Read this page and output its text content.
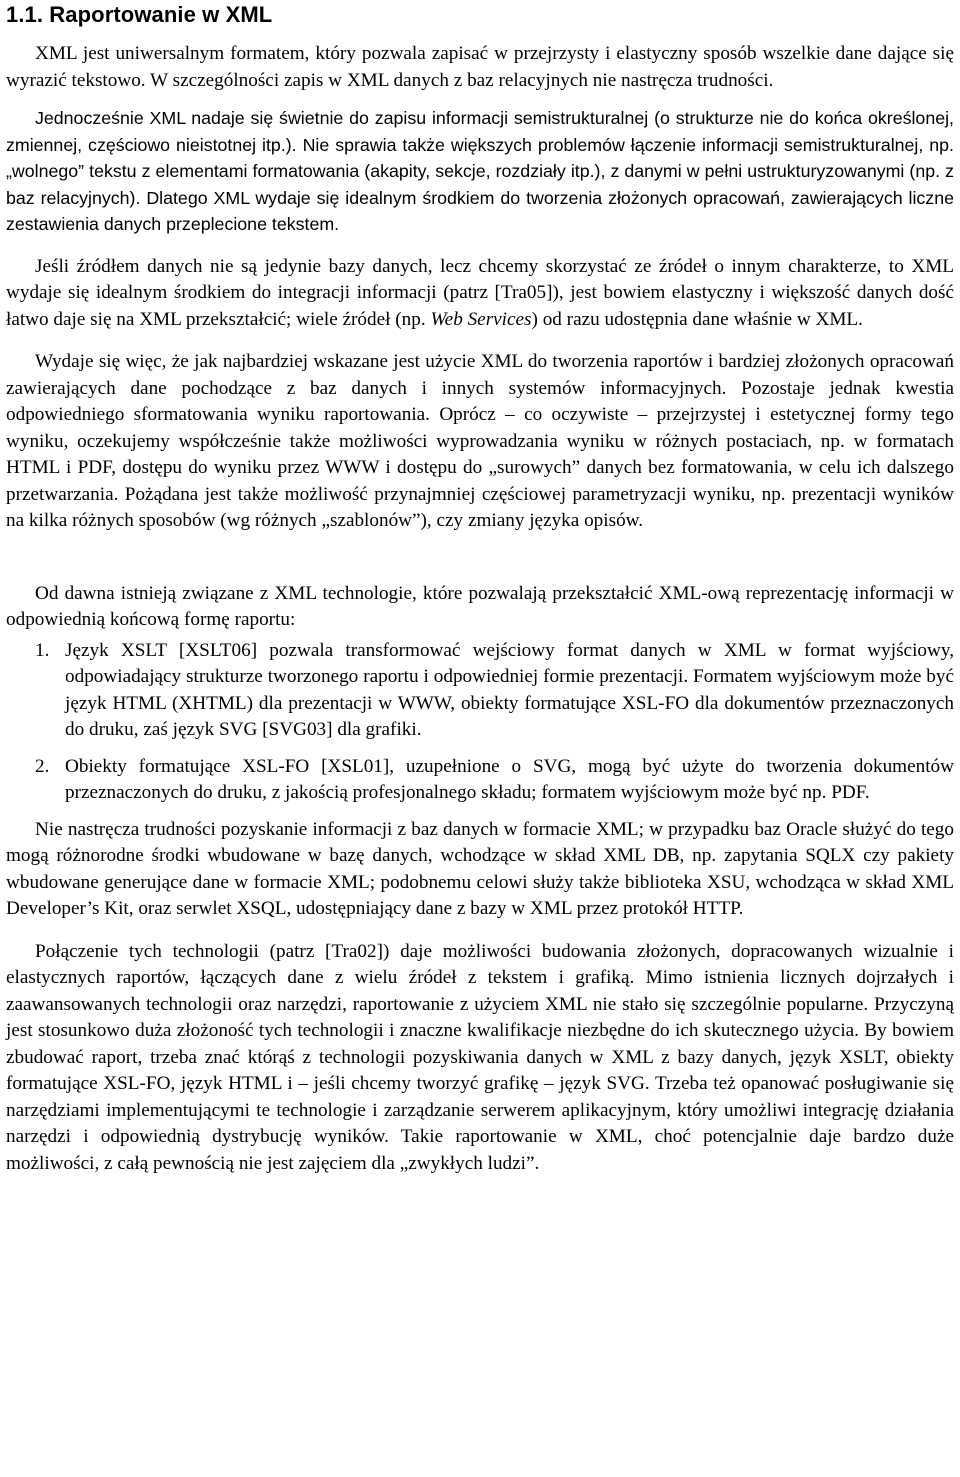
1.1. Raportowanie w XML

XML jest uniwersalnym formatem, który pozwala zapisać w przejrzysty i elastyczny sposób wszelkie dane dające się wyrazić tekstowo. W szczególności zapis w XML danych z baz relacyjnych nie nastręcza trudności.

Jednocześnie XML nadaje się świetnie do zapisu informacji semistrukturalnej (o strukturze nie do końca określonej, zmiennej, częściowo nieistotnej itp.). Nie sprawia także większych problemów łączenie informacji semistrukturalnej, np. „wolnego” tekstu z elementami formatowania (akapity, sekcje, rozdziały itp.), z danymi w pełni ustrukturyzowanymi (np. z baz relacyjnych). Dlatego XML wydaje się idealnym środkiem do tworzenia złożonych opracowań, zawierających liczne zestawienia danych przeplecione tekstem.

Jeśli źródłem danych nie są jedynie bazy danych, lecz chcemy skorzystać ze źródeł o innym charakterze, to XML wydaje się idealnym środkiem do integracji informacji (patrz [Tra05]), jest bowiem elastyczny i większość danych dość łatwo daje się na XML przekształcić; wiele źródeł (np. Web Services) od razu udostępnia dane właśnie w XML.

Wydaje się więc, że jak najbardziej wskazane jest użycie XML do tworzenia raportów i bardziej złożonych opracowań zawierających dane pochodzące z baz danych i innych systemów informacyjnych. Pozostaje jednak kwestia odpowiedniego sformatowania wyniku raportowania. Oprócz – co oczywiste – przejrzystej i estetycznej formy tego wyniku, oczekujemy współcześnie także możliwości wyprowadzania wyniku w różnych postaciach, np. w formatach HTML i PDF, dostępu do wyniku przez WWW i dostępu do „surowych” danych bez formatowania, w celu ich dalszego przetwarzania. Pożądana jest także możliwość przynajmniej częściowej parametryzacji wyniku, np. prezentacji wyników na kilka różnych sposobów (wg różnych „szablonów”), czy zmiany języka opisów.

Od dawna istnieją związane z XML technologie, które pozwalają przekształcić XML-ową reprezentację informacji w odpowiednią końcową formę raportu:

1. Język XSLT [XSLT06] pozwala transformować wejściowy format danych w XML w format wyjściowy, odpowiadający strukturze tworzonego raportu i odpowiedniej formie prezentacji. Formatem wyjściowym może być język HTML (XHTML) dla prezentacji w WWW, obiekty formatujące XSL-FO dla dokumentów przeznaczonych do druku, zaś język SVG [SVG03] dla grafiki.
2. Obiekty formatujące XSL-FO [XSL01], uzupełnione o SVG, mogą być użyte do tworzenia dokumentów przeznaczonych do druku, z jakością profesjonalnego składu; formatem wyjściowym może być np. PDF.

Nie nastręcza trudności pozyskanie informacji z baz danych w formacie XML; w przypadku baz Oracle służyć do tego mogą różnorodne środki wbudowane w bazę danych, wchodzące w skład XML DB, np. zapytania SQLX czy pakiety wbudowane generujące dane w formacie XML; podobnemu celowi służy także biblioteka XSU, wchodząca w skład XML Developer’s Kit, oraz serwlet XSQL, udostępniający dane z bazy w XML przez protokół HTTP.

Połączenie tych technologii (patrz [Tra02]) daje możliwości budowania złożonych, dopracowanych wizualnie i elastycznych raportów, łączących dane z wielu źródeł z tekstem i grafiką. Mimo istnienia licznych dojrzałych i zaawansowanych technologii oraz narzędzi, raportowanie z użyciem XML nie stało się szczególnie popularne. Przyczyną jest stosunkowo duża złożoność tych technologii i znaczne kwalifikacje niezbędne do ich skutecznego użycia. By bowiem zbudować raport, trzeba znać którąś z technologii pozyskiwania danych w XML z bazy danych, język XSLT, obiekty formatujące XSL-FO, język HTML i – jeśli chcemy tworzyć grafikę – język SVG. Trzeba też opanować posługiwanie się narzędziami implementującymi te technologie i zarządzanie serwerem aplikacyjnym, który umożliwi integrację działania narzędzi i odpowiednią dystrybucję wyników. Takie raportowanie w XML, choć potencjalnie daje bardzo duże możliwości, z całą pewnością nie jest zajęciem dla „zwykłych ludzi”.
